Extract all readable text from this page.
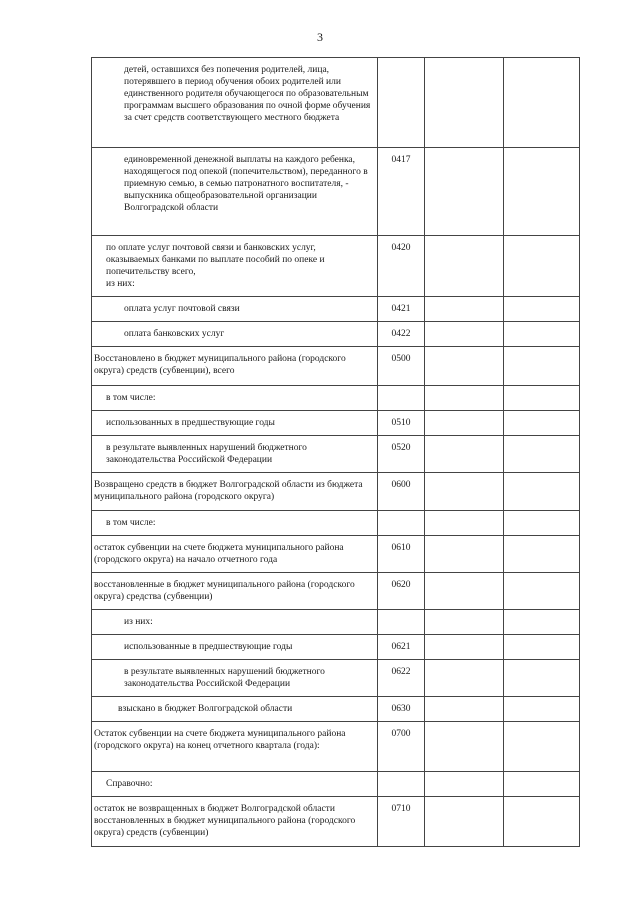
3
детей, оставшихся без попечения родителей, лица, потерявшего в период обучения обоих родителей или единственного родителя обучающегося по образовательным программам высшего образования по очной форме обучения за счет средств соответствующего местного бюджета			

единовременной денежной выплаты на каждого ребенка, находящегося под опекой (попечительством), переданного в приемную семью, в семью патронатного воспитателя, - выпускника общеобразовательной организации Волгоградской области	0417		

по оплате услуг почтовой связи и банковских услуг, оказываемых банками по выплате пособий по опеке и попечительству всего,
из них:	0420		

оплата услуг почтовой связи	0421		

оплата банковских услуг	0422		

Восстановлено в бюджет муниципального района (городского округа) средств (субвенции), всего	0500		

в том числе:			

использованных в предшествующие годы	0510		

в результате выявленных нарушений бюджетного законодательства Российской Федерации	0520		

Возвращено средств в бюджет Волгоградской области из бюджета муниципального района (городского округа)	0600		

в том числе:			

остаток субвенции на счете бюджета муниципального района (городского округа) на начало отчетного года	0610		

восстановленные в бюджет муниципального района (городского округа) средства (субвенции)	0620		

из них:			

использованные в предшествующие годы	0621		

в результате выявленных нарушений бюджетного законодательства Российской Федерации	0622		

взыскано в бюджет Волгоградской области	0630		

Остаток субвенции на счете бюджета муниципального района (городского округа) на конец отчетного квартала (года):	0700		

Справочно:			

остаток не возвращенных в бюджет Волгоградской области восстановленных в бюджет муниципального района (городского округа) средств (субвенции)	0710		
